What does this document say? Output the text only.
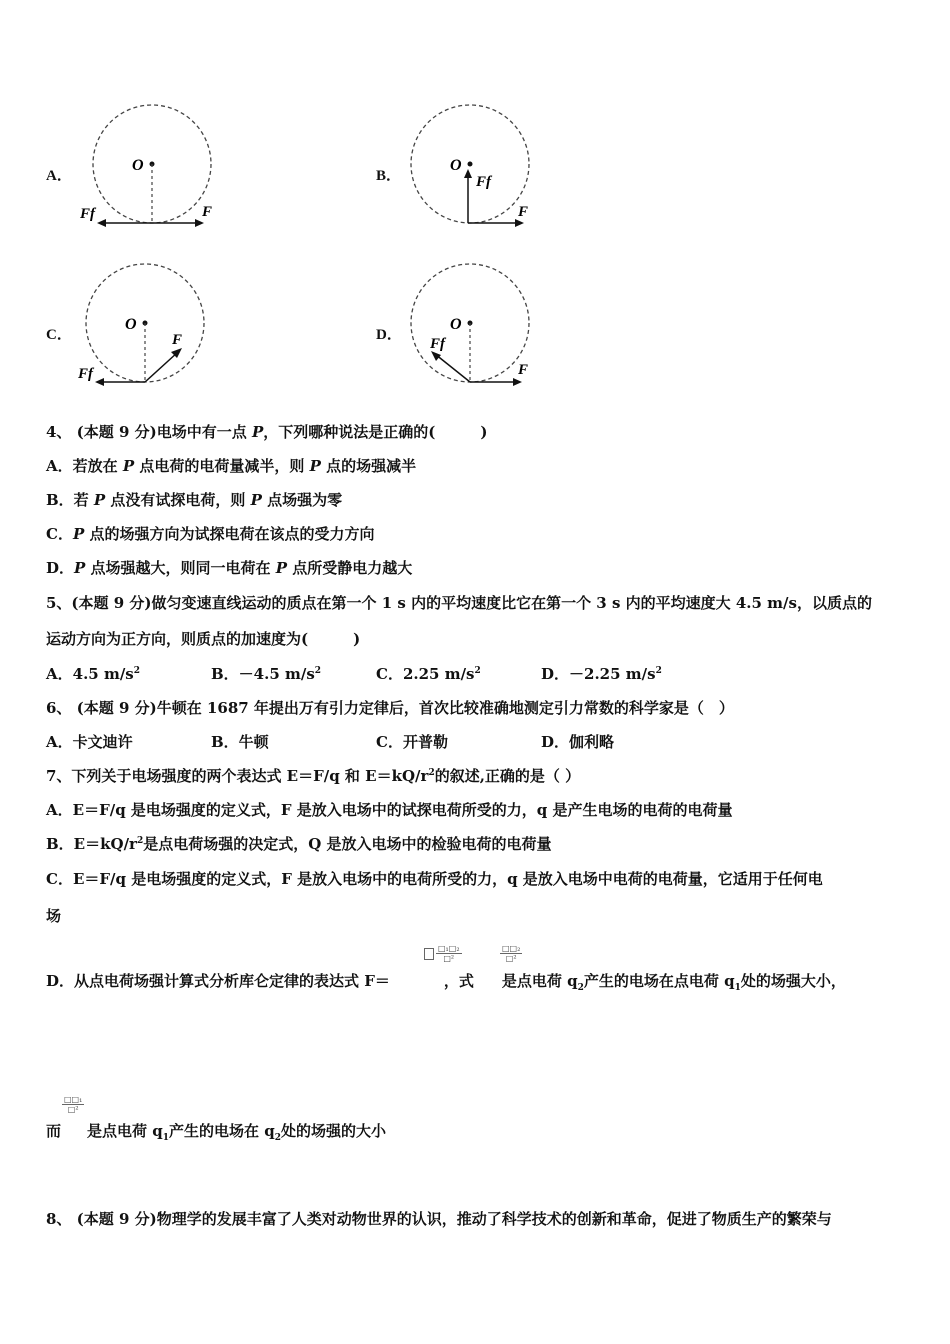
A．
O
Ff	F
B．
O
Ff
F
C．
O
Ff
F	D．
O
Ff
F
4、 (本题 9 分)电场中有一点 P，下列哪种说法是正确的(　　　)
A．若放在 P 点电荷的电荷量减半，则 P 点的场强减半
B．若 P 点没有试探电荷，则 P 点场强为零
C．P 点的场强方向为试探电荷在该点的受力方向
D．P 点场强越大，则同一电荷在 P 点所受静电力越大
5、(本题 9 分)做匀变速直线运动的质点在第一个 1 s 内的平均速度比它在第一个 3 s 内的平均速度大 4.5 m/s，以质点的
运动方向为正方向，则质点的加速度为(　　　)
A．4.5 $m/s^2$	B．－4.5 $m/s^2$	C．2.25 $m/s^2$	D．－2.25 $m/s^2$
6、 (本题 9 分)牛顿在 1687 年提出万有引力定律后，首次比较准确地测定引力常数的科学家是（　）
A．卡文迪许	B．牛顿	C．开普勒	D．伽利略
7、下列关于电场强度的两个表达式 E＝F/q 和 $E=kQ/r^2$的叙述,正确的是（ ）
A．E＝F/q 是电场强度的定义式，F 是放入电场中的试探电荷所受的力，q 是产生电场的电荷的电荷量
B．$E=kQ/r^2$是点电荷场强的决定式，Q 是放入电场中的检验电荷的电荷量
C．E＝F/q 是电场强度的定义式，F 是放入电场中的电荷所受的力，q 是放入电场中电荷的电荷量，它适用于任何电
场
$\frac{\text{□₁□₂}}{\text{□²}}$	$\frac{\text{□□₂}}{\text{□²}}$
D．从点电荷场强计算式分析库仑定律的表达式 F＝	，式 是点电荷 $q_2$产生的电场在点电荷 $q_1$处的场强大小，
$\frac{\text{□□₁}}{\text{□²}}$
而 是点电荷 $q_1$产生的电场在 $q_2$处的场强的大小
8、 (本题 9 分)物理学的发展丰富了人类对动物世界的认识，推动了科学技术的创新和革命，促进了物质生产的繁荣与
